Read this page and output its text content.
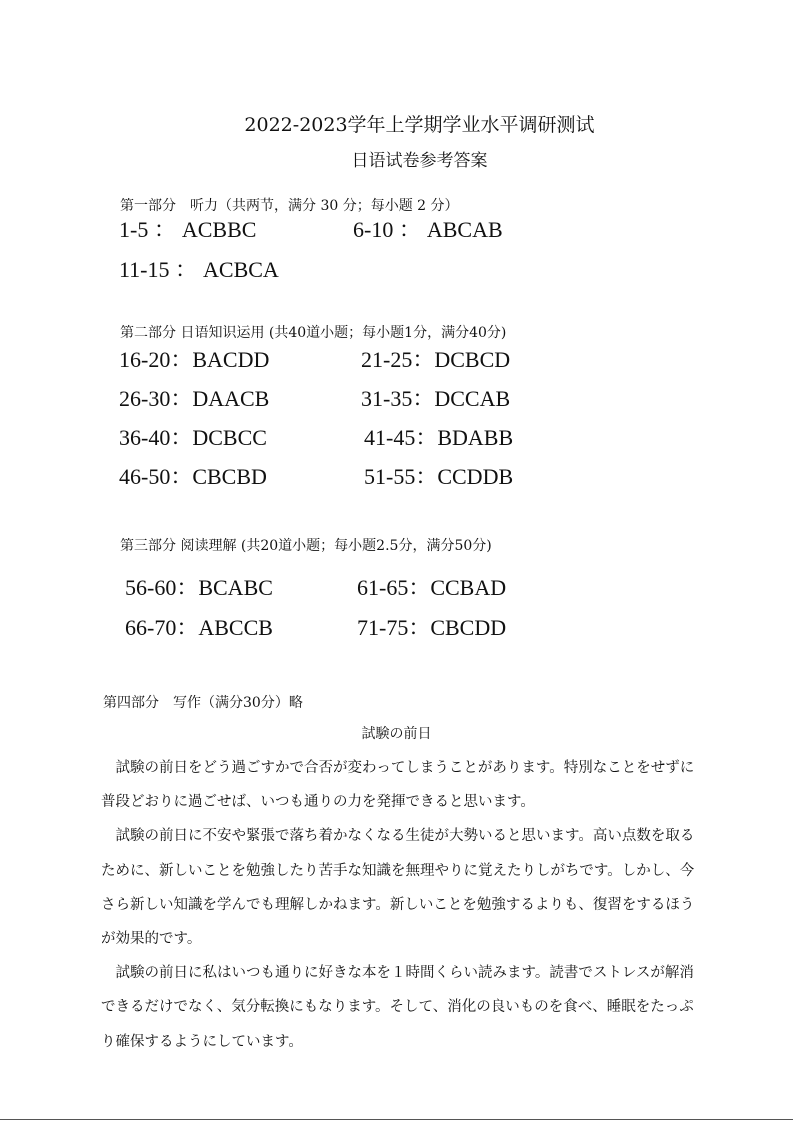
2022-2023学年上学期学业水平调研测试
日语试卷参考答案
第一部分　听力（共两节，满分 30 分；每小题 2 分）
1-5 ： ACBBC	6-10 ： ABCAB
11-15 ： ACBCA
第二部分 日语知识运用 (共40道小题；每小题1分，满分40分)
16-20：BACDD	21-25：DCBCD
26-30：DAACB	31-35：DCCAB
36-40：DCBCC	41-45：BDABB
46-50：CBCBD	51-55：CCDDB
第三部分 阅读理解 (共20道小题；每小题2.5分，满分50分)
56-60：BCABC	61-65：CCBAD
66-70：ABCCB	71-75：CBCDD
第四部分　写作（满分30分）略
試験の前日

試験の前日をどう過ごすかで合否が変わってしまうことがあります。特別なことをせずに普段どおりに過ごせば、いつも通りの力を発揮できると思います。

試験の前日に不安や緊張で落ち着かなくなる生徒が大勢いると思います。高い点数を取るために、新しいことを勉強したり苦手な知識を無理やりに覚えたりしがちです。しかし、今さら新しい知識を学んでも理解しかねます。新しいことを勉強するよりも、復習をするほうが効果的です。

試験の前日に私はいつも通りに好きな本を１時間くらい読みます。読書でストレスが解消できるだけでなく、気分転換にもなります。そして、消化の良いものを食べ、睡眠をたっぷり確保するようにしています。
